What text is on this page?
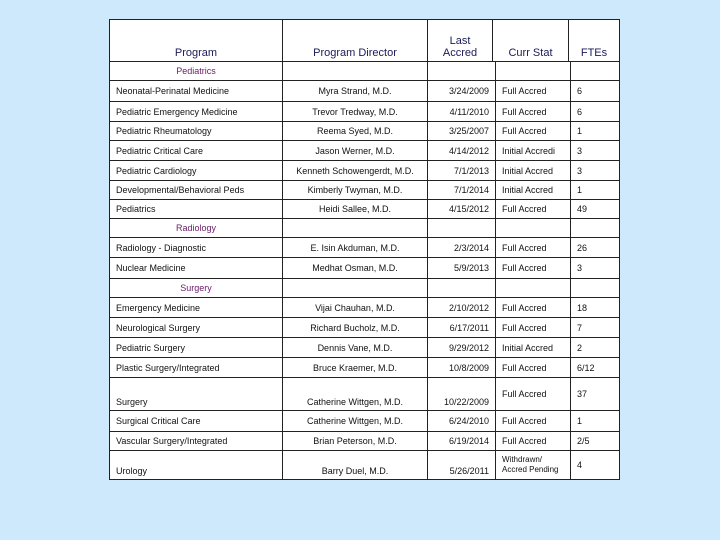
Program	Program Director	Last Accred	Curr Stat	FTEs
Pediatrics				
Neonatal-Perinatal Medicine	Myra Strand, M.D.	3/24/2009	Full Accred	6
Pediatric Emergency Medicine	Trevor Tredway, M.D.	4/11/2010	Full Accred	6
Pediatric Rheumatology	Reema Syed, M.D.	3/25/2007	Full Accred	1
Pediatric Critical Care	Jason Werner, M.D.	4/14/2012	Initial Accredi	3
Pediatric Cardiology	Kenneth Schowengerdt, M.D.	7/1/2013	Initial Accred	3
Developmental/Behavioral Peds	Kimberly Twyman, M.D.	7/1/2014	Initial Accred	1
Pediatrics	Heidi Sallee, M.D.	4/15/2012	Full Accred	49
Radiology				
Radiology - Diagnostic	E. Isin Akduman, M.D.	2/3/2014	Full Accred	26
Nuclear Medicine	Medhat Osman, M.D.	5/9/2013	Full Accred	3
Surgery				
Emergency Medicine	Vijai Chauhan, M.D.	2/10/2012	Full Accred	18
Neurological Surgery	Richard Bucholz, M.D.	6/17/2011	Full Accred	7
Pediatric Surgery	Dennis Vane, M.D.	9/29/2012	Initial Accred	2
Plastic Surgery/Integrated	Bruce Kraemer, M.D.	10/8/2009	Full Accred	6/12
Surgery	Catherine Wittgen, M.D.	10/22/2009	Full Accred	37
Surgical Critical Care	Catherine Wittgen, M.D.	6/24/2010	Full Accred	1
Vascular Surgery/Integrated	Brian Peterson, M.D.	6/19/2014	Full Accred	2/5
Urology	Barry Duel, M.D.	5/26/2011	Withdrawn/ Accred Pending	4
